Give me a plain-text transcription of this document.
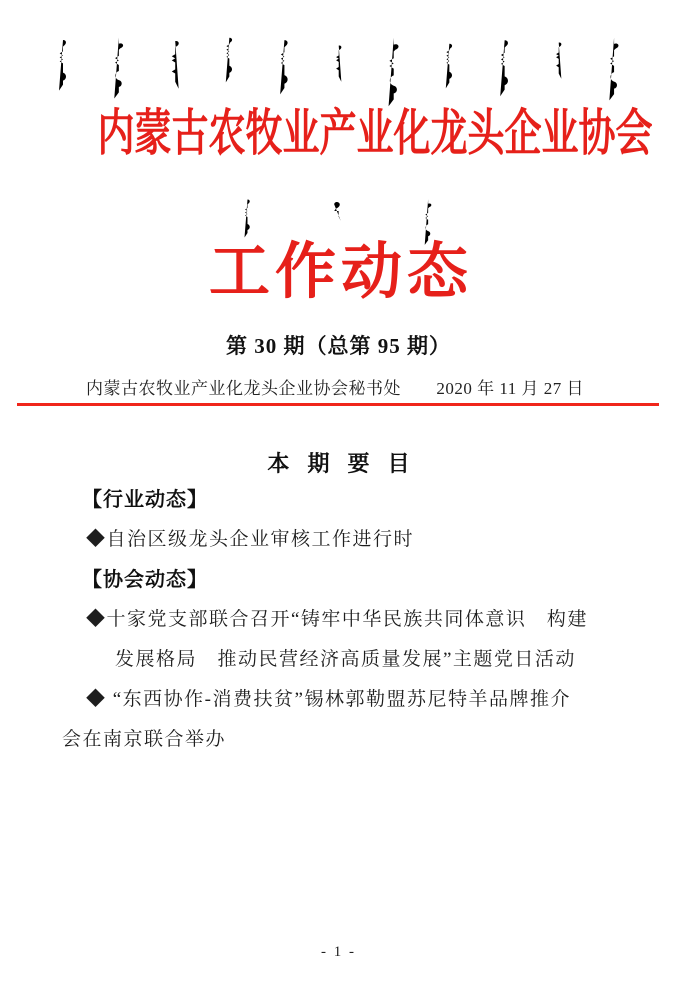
内蒙古农牧业产业化龙头企业协会
工作动态
第 30 期（总第 95 期）
内蒙古农牧业产业化龙头企业协会秘书处 2020 年 11 月 27 日
本 期 要 目
【行业动态】
◆自治区级龙头企业审核工作进行时
【协会动态】
◆十家党支部联合召开“铸牢中华民族共同体意识　构建
发展格局　推动民营经济高质量发展”主题党日活动
◆ “东西协作-消费扶贫”锡林郭勒盟苏尼特羊品牌推介
会在南京联合举办
- 1 -
